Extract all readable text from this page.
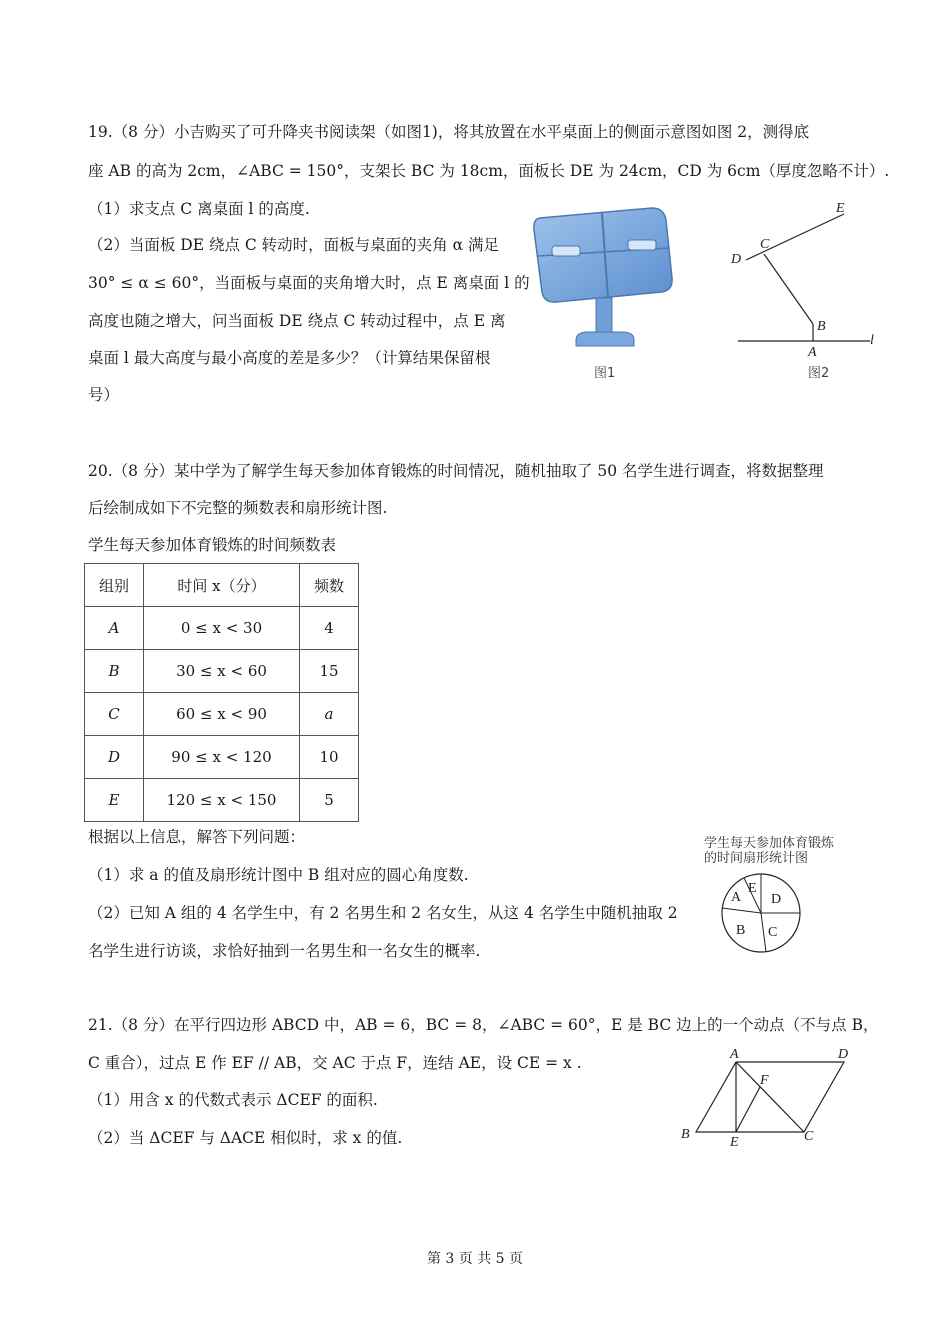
19.（8 分）小吉购买了可升降夹书阅读架（如图1)，将其放置在水平桌面上的侧面示意图如图 2，测得底
座 AB 的高为 2cm，∠ABC = 150°，支架长 BC 为 18cm，面板长 DE 为 24cm，CD 为 6cm（厚度忽略不计）.
（1）求支点 C 离桌面 l 的高度.
（2）当面板 DE 绕点 C 转动时，面板与桌面的夹角 α 满足
30° ≤ α ≤ 60°，当面板与桌面的夹角增大时，点 E 离桌面 l 的
高度也随之增大，问当面板 DE 绕点 C 转动过程中，点 E 离
桌面 l 最大高度与最小高度的差是多少？（计算结果保留根
号）
图1
E
D
C
B
A
l
图2
20.（8 分）某中学为了解学生每天参加体育锻炼的时间情况，随机抽取了 50 名学生进行调查，将数据整理
后绘制成如下不完整的频数表和扇形统计图.
学生每天参加体育锻炼的时间频数表
组别	时间 x（分）	频数
A	0 ≤ x < 30	4
B	30 ≤ x < 60	15
C	60 ≤ x < 90	a
D	90 ≤ x < 120	10
E	120 ≤ x < 150	5
根据以上信息，解答下列问题：
（1）求 a 的值及扇形统计图中 B 组对应的圆心角度数.
（2）已知 A 组的 4 名学生中，有 2 名男生和 2 名女生，从这 4 名学生中随机抽取 2
名学生进行访谈，求恰好抽到一名男生和一名女生的概率.
学生每天参加体育锻炼
的时间扇形统计图
A
E
D
B C
21.（8 分）在平行四边形 ABCD 中，AB = 6，BC = 8，∠ABC = 60°，E 是 BC 边上的一个动点（不与点 B，
C 重合），过点 E 作 EF // AB，交 AC 于点 F，连结 AE，设 CE = x .
（1）用含 x 的代数式表示 ΔCEF 的面积.
（2）当 ΔCEF 与 ΔACE 相似时，求 x 的值.
A	D
F
B
E	C
第 3 页 共 5 页
